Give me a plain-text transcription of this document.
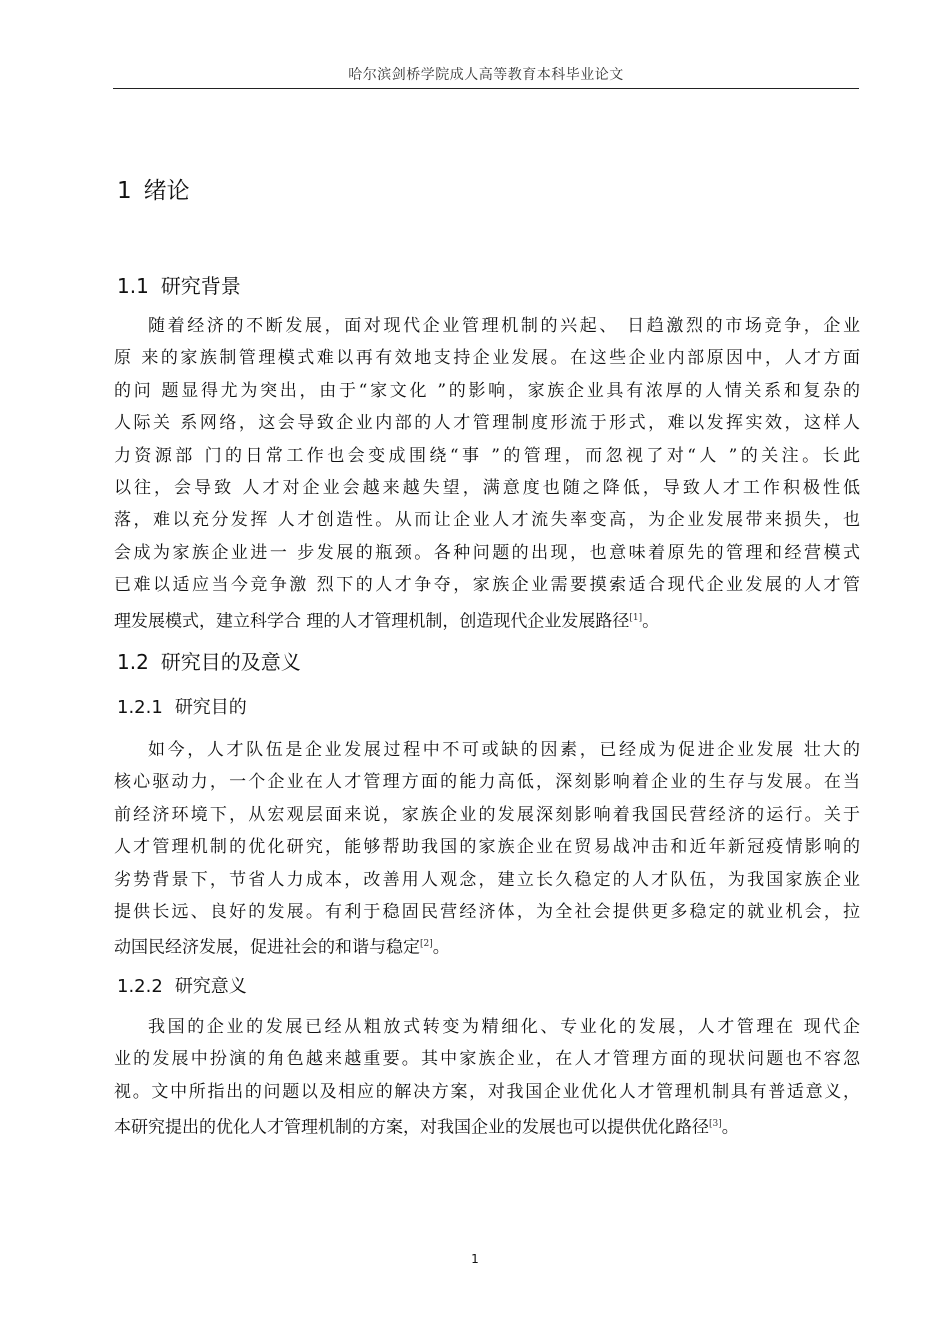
哈尔滨剑桥学院成人高等教育本科毕业论文
1 绪论
1.1 研究背景
随着经济的不断发展，面对现代企业管理机制的兴起、 日趋激烈的市场竞争，企业
原 来的家族制管理模式难以再有效地支持企业发展。在这些企业内部原因中，人才方面
的问 题显得尤为突出，由于“家文化 ”的影响，家族企业具有浓厚的人情关系和复杂的
人际关 系网络，这会导致企业内部的人才管理制度形流于形式，难以发挥实效，这样人
力资源部 门的日常工作也会变成围绕“事 ”的管理，而忽视了对“人 ”的关注。长此
以往，会导致 人才对企业会越来越失望，满意度也随之降低，导致人才工作积极性低
落，难以充分发挥 人才创造性。从而让企业人才流失率变高，为企业发展带来损失，也
会成为家族企业进一 步发展的瓶颈。各种问题的出现，也意味着原先的管理和经营模式
已难以适应当今竞争激 烈下的人才争夺，家族企业需要摸索适合现代企业发展的人才管
理发展模式，建立科学合 理的人才管理机制，创造现代企业发展路径[1]。
1.2 研究目的及意义
1.2.1 研究目的
如今，人才队伍是企业发展过程中不可或缺的因素，已经成为促进企业发展 壮大的
核心驱动力，一个企业在人才管理方面的能力高低，深刻影响着企业的生存与发展。在当
前经济环境下，从宏观层面来说，家族企业的发展深刻影响着我国民营经济的运行。关于
人才管理机制的优化研究，能够帮助我国的家族企业在贸易战冲击和近年新冠疫情影响的
劣势背景下，节省人力成本，改善用人观念，建立长久稳定的人才队伍，为我国家族企业
提供长远、良好的发展。有利于稳固民营经济体，为全社会提供更多稳定的就业机会，拉
动国民经济发展，促进社会的和谐与稳定[2]。
1.2.2 研究意义
我国的企业的发展已经从粗放式转变为精细化、专业化的发展，人才管理在 现代企
业的发展中扮演的角色越来越重要。其中家族企业，在人才管理方面的现状问题也不容忽
视。文中所指出的问题以及相应的解决方案，对我国企业优化人才管理机制具有普适意义，
本研究提出的优化人才管理机制的方案，对我国企业的发展也可以提供优化路径[3]。
1
